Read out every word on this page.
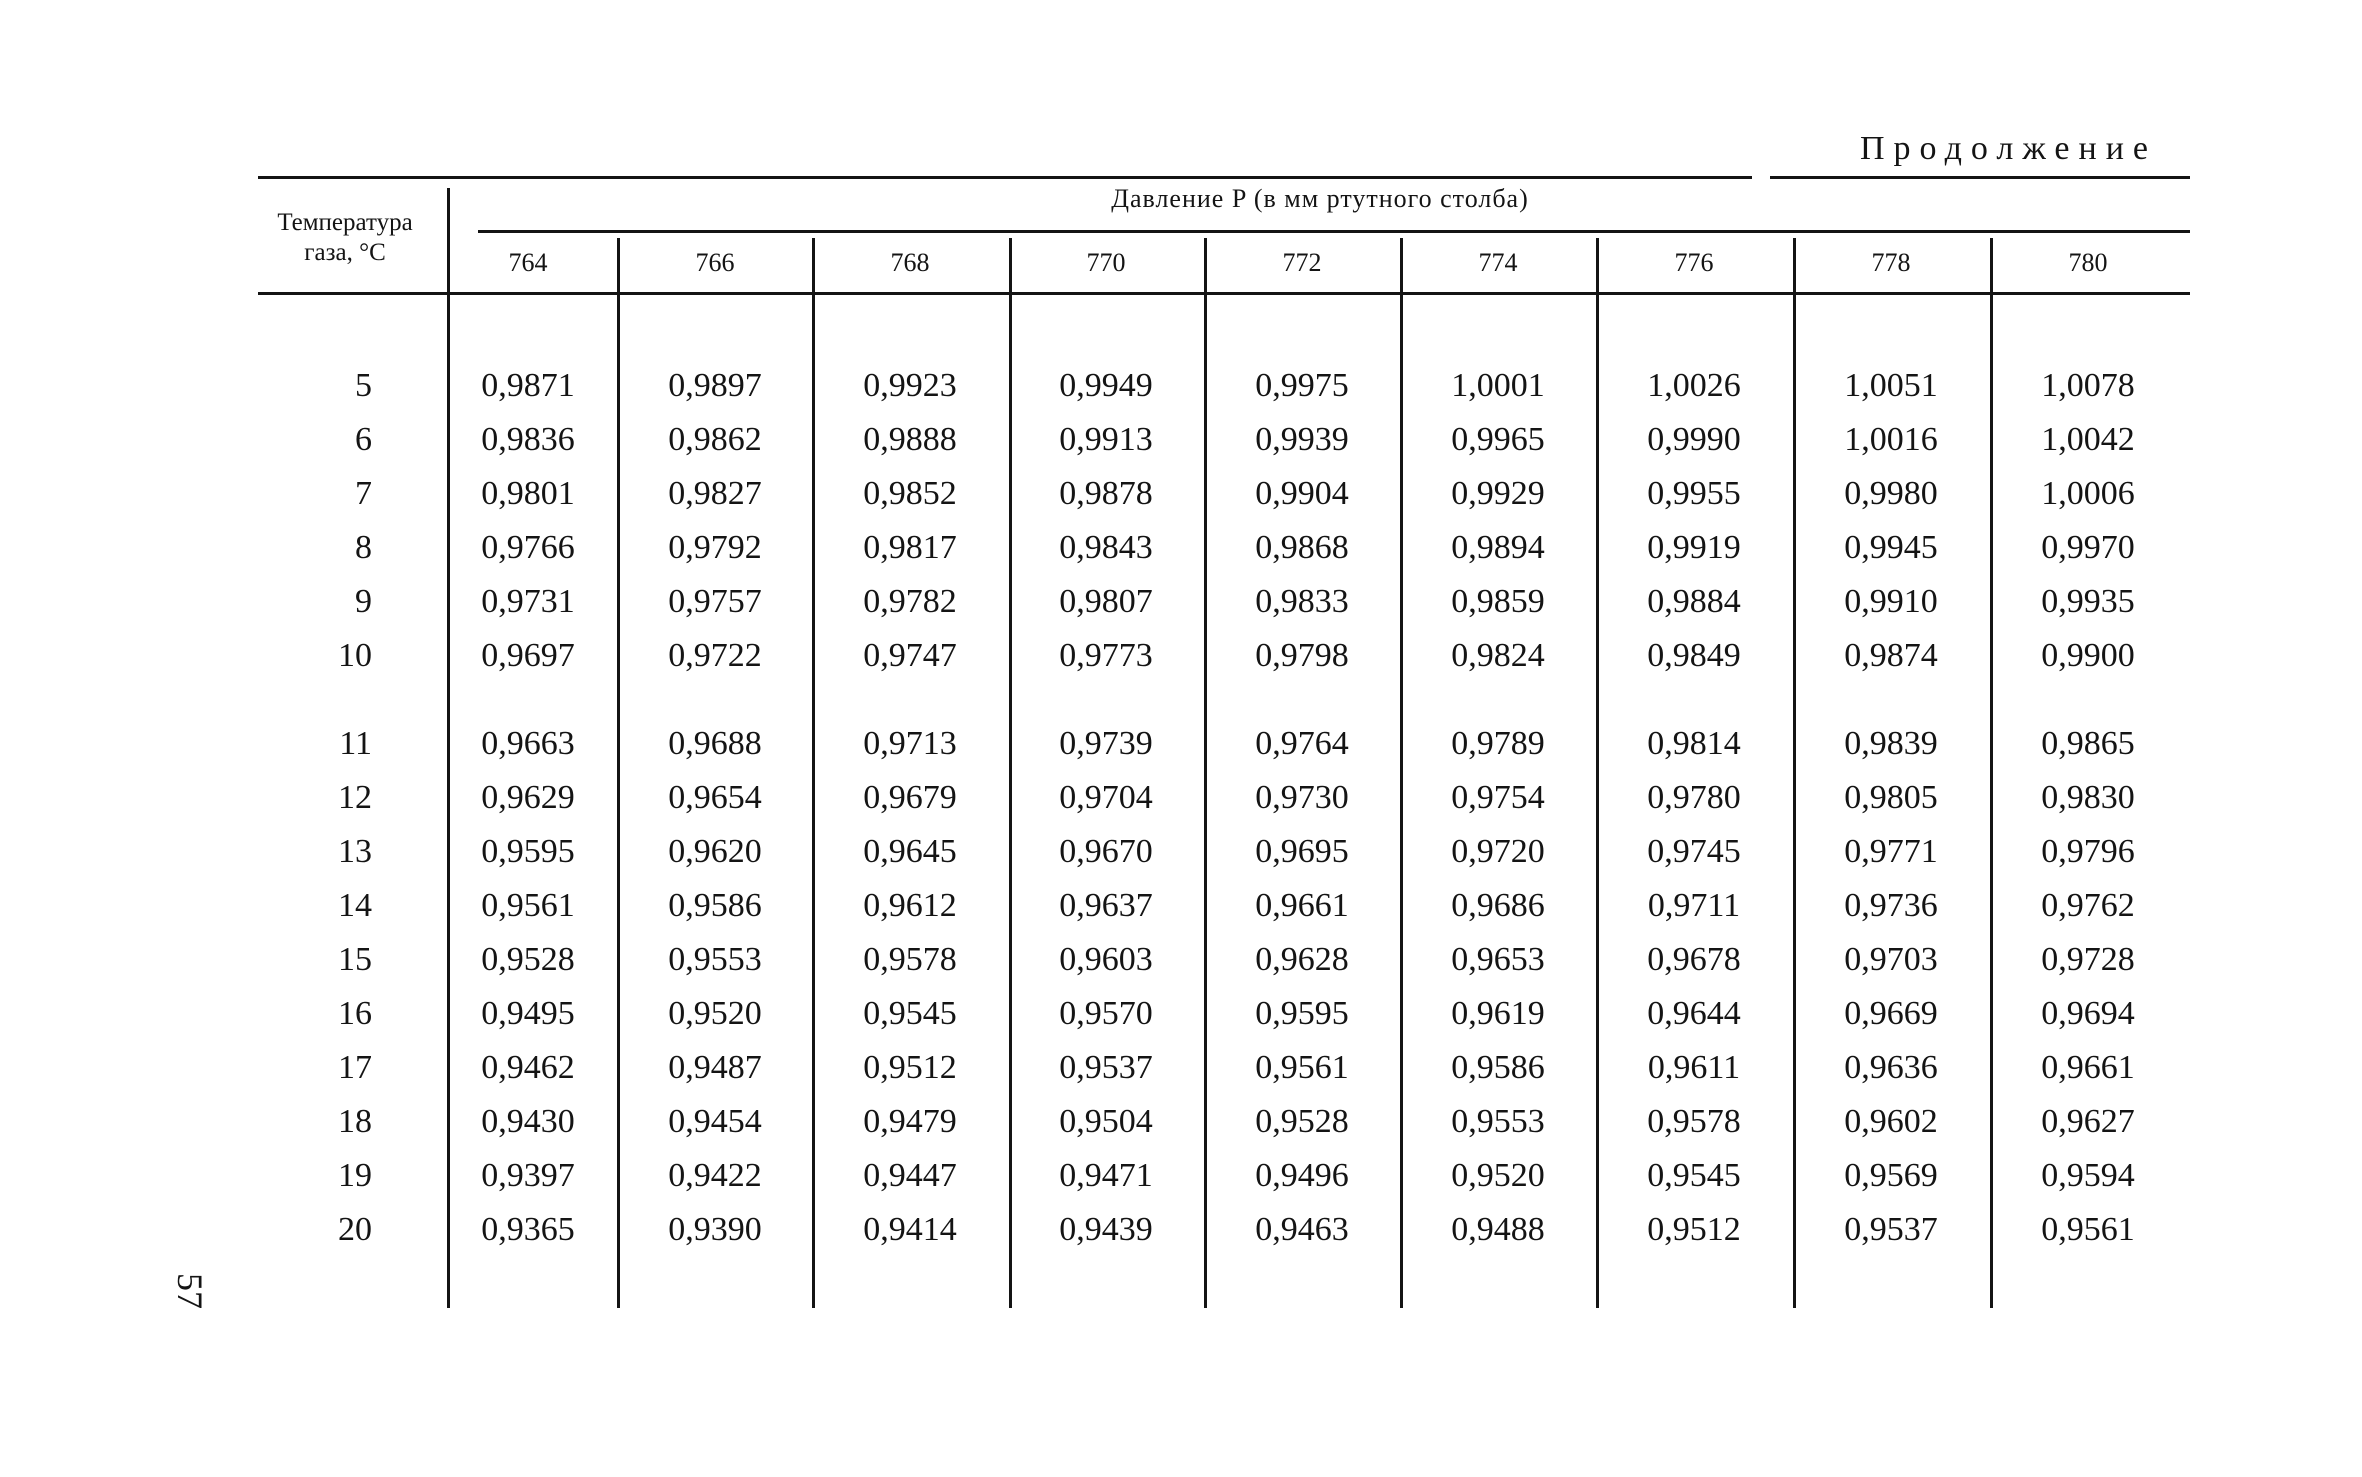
Продолжение
Температура
газа, °С
Давление P (в мм ртутного столба)
764	766	768	770	772	774	776	778	780
5	0,9871	0,9897	0,9923	0,9949	0,9975	1,0001	1,0026	1,0051	1,0078
6	0,9836	0,9862	0,9888	0,9913	0,9939	0,9965	0,9990	1,0016	1,0042
7	0,9801	0,9827	0,9852	0,9878	0,9904	0,9929	0,9955	0,9980	1,0006
8	0,9766	0,9792	0,9817	0,9843	0,9868	0,9894	0,9919	0,9945	0,9970
9	0,9731	0,9757	0,9782	0,9807	0,9833	0,9859	0,9884	0,9910	0,9935
10	0,9697	0,9722	0,9747	0,9773	0,9798	0,9824	0,9849	0,9874	0,9900
11	0,9663	0,9688	0,9713	0,9739	0,9764	0,9789	0,9814	0,9839	0,9865
12	0,9629	0,9654	0,9679	0,9704	0,9730	0,9754	0,9780	0,9805	0,9830
13	0,9595	0,9620	0,9645	0,9670	0,9695	0,9720	0,9745	0,9771	0,9796
14	0,9561	0,9586	0,9612	0,9637	0,9661	0,9686	0,9711	0,9736	0,9762
15	0,9528	0,9553	0,9578	0,9603	0,9628	0,9653	0,9678	0,9703	0,9728
16	0,9495	0,9520	0,9545	0,9570	0,9595	0,9619	0,9644	0,9669	0,9694
17	0,9462	0,9487	0,9512	0,9537	0,9561	0,9586	0,9611	0,9636	0,9661
18	0,9430	0,9454	0,9479	0,9504	0,9528	0,9553	0,9578	0,9602	0,9627
19	0,9397	0,9422	0,9447	0,9471	0,9496	0,9520	0,9545	0,9569	0,9594
20	0,9365	0,9390	0,9414	0,9439	0,9463	0,9488	0,9512	0,9537	0,9561
57
